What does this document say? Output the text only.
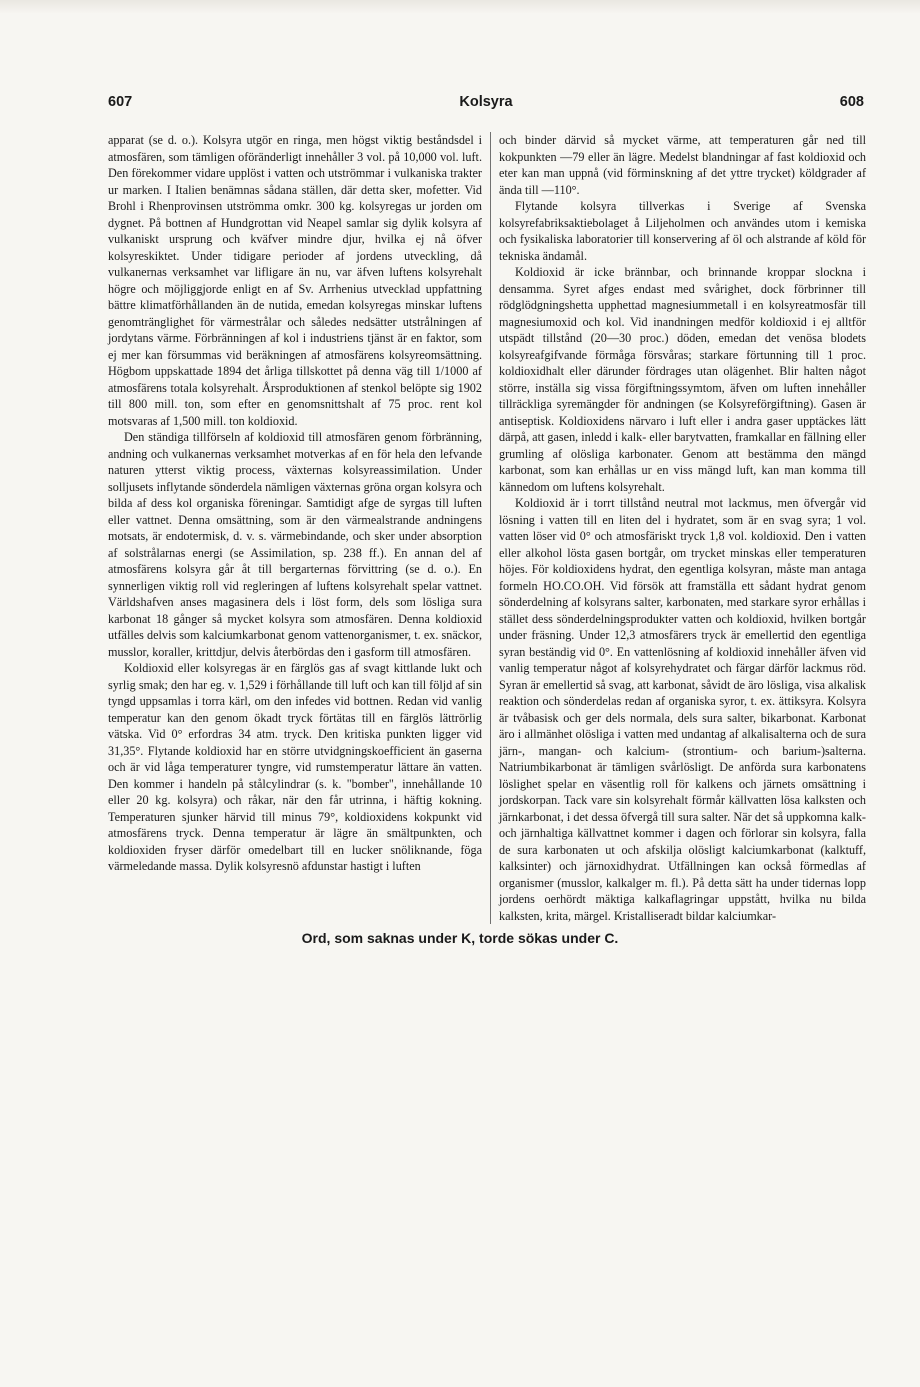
607	Kolsyra	608

apparat (se d. o.). Kolsyra utgör en ringa, men högst viktig beståndsdel i atmosfären, som tämligen oföränderligt innehåller 3 vol. på 10,000 vol. luft. Den förekommer vidare upplöst i vatten och utströmmar i vulkaniska trakter ur marken. I Italien benämnas sådana ställen, där detta sker, mofetter. Vid Brohl i Rhenprovinsen utströmma omkr. 300 kg. kolsyregas ur jorden om dygnet. På bottnen af Hundgrottan vid Neapel samlar sig dylik kolsyra af vulkaniskt ursprung och kväfver mindre djur, hvilka ej nå öfver kolsyreskiktet. Under tidigare perioder af jordens utveckling, då vulkanernas verksamhet var lifligare än nu, var äfven luftens kolsyrehalt högre och möjliggjorde enligt en af Sv. Arrhenius utvecklad uppfattning bättre klimatförhållanden än de nutida, emedan kolsyregas minskar luftens genomtränglighet för värmestrålar och således nedsätter utstrålningen af jordytans värme. Förbränningen af kol i industriens tjänst är en faktor, som ej mer kan försummas vid beräkningen af atmosfärens kolsyreomsättning. Högbom uppskattade 1894 det årliga tillskottet på denna väg till 1/1000 af atmosfärens totala kolsyrehalt. Årsproduktionen af stenkol belöpte sig 1902 till 800 mill. ton, som efter en genomsnittshalt af 75 proc. rent kol motsvaras af 1,500 mill. ton koldioxid.

Den ständiga tillförseln af koldioxid till atmosfären genom förbränning, andning och vulkanernas verksamhet motverkas af en för hela den lefvande naturen ytterst viktig process, växternas kolsyreassimilation. Under solljusets inflytande sönderdela nämligen växternas gröna organ kolsyra och bilda af dess kol organiska föreningar. Samtidigt afge de syrgas till luften eller vattnet. Denna omsättning, som är den värmealstrande andningens motsats, är endotermisk, d. v. s. värmebindande, och sker under absorption af solstrålarnas energi (se Assimilation, sp. 238 ff.). En annan del af atmosfärens kolsyra går åt till bergarternas förvittring (se d. o.). En synnerligen viktig roll vid regleringen af luftens kolsyrehalt spelar vattnet. Världshafven anses magasinera dels i löst form, dels som lösliga sura karbonat 18 gånger så mycket kolsyra som atmosfären. Denna koldioxid utfälles delvis som kalciumkarbonat genom vattenorganismer, t. ex. snäckor, musslor, koraller, krittdjur, delvis återbördas den i gasform till atmosfären.

Koldioxid eller kolsyregas är en färglös gas af svagt kittlande lukt och syrlig smak; den har eg. v. 1,529 i förhållande till luft och kan till följd af sin tyngd uppsamlas i torra kärl, om den infedes vid bottnen. Redan vid vanlig temperatur kan den genom ökadt tryck förtätas till en färglös lättrörlig vätska. Vid 0° erfordras 34 atm. tryck. Den kritiska punkten ligger vid 31,35°. Flytande koldioxid har en större utvidgningskoefficient än gaserna och är vid låga temperaturer tyngre, vid rumstemperatur lättare än vatten. Den kommer i handeln på stålcylindrar (s. k. "bomber", innehållande 10 eller 20 kg. kolsyra) och råkar, när den får utrinna, i häftig kokning. Temperaturen sjunker härvid till minus 79°, koldioxidens kokpunkt vid atmosfärens tryck. Denna temperatur är lägre än smältpunkten, och koldioxiden fryser därför omedelbart till en lucker snöliknande, föga värmeledande massa. Dylik kolsyresnö afdunstar hastigt i luften

och binder därvid så mycket värme, att temperaturen går ned till kokpunkten —79 eller än lägre. Medelst blandningar af fast koldioxid och eter kan man uppnå (vid förminskning af det yttre trycket) köldgrader af ända till —110°.

Flytande kolsyra tillverkas i Sverige af Svenska kolsyrefabriksaktiebolaget å Liljeholmen och användes utom i kemiska och fysikaliska laboratorier till konservering af öl och alstrande af köld för tekniska ändamål.

Koldioxid är icke brännbar, och brinnande kroppar slockna i densamma. Syret afges endast med svårighet, dock förbrinner till rödglödgningshetta upphettad magnesiummetall i en kolsyreatmosfär till magnesiumoxid och kol. Vid inandningen medför koldioxid i ej alltför utspädt tillstånd (20—30 proc.) döden, emedan det venösa blodets kolsyreafgifvande förmåga försvåras; starkare förtunning till 1 proc. koldioxidhalt eller därunder fördrages utan olägenhet. Blir halten något större, inställa sig vissa förgiftningssymtom, äfven om luften innehåller tillräckliga syremängder för andningen (se Kolsyreförgiftning). Gasen är antiseptisk. Koldioxidens närvaro i luft eller i andra gaser upptäckes lätt därpå, att gasen, inledd i kalk- eller barytvatten, framkallar en fällning eller grumling af olösliga karbonater. Genom att bestämma den mängd karbonat, som kan erhållas ur en viss mängd luft, kan man komma till kännedom om luftens kolsyrehalt.

Koldioxid är i torrt tillstånd neutral mot lackmus, men öfvergår vid lösning i vatten till en liten del i hydratet, som är en svag syra; 1 vol. vatten löser vid 0° och atmosfäriskt tryck 1,8 vol. koldioxid. Den i vatten eller alkohol lösta gasen bortgår, om trycket minskas eller temperaturen höjes. För koldioxidens hydrat, den egentliga kolsyran, måste man antaga formeln HO.CO.OH. Vid försök att framställa ett sådant hydrat genom sönderdelning af kolsyrans salter, karbonaten, med starkare syror erhållas i stället dess sönderdelningsprodukter vatten och koldioxid, hvilken bortgår under fräsning. Under 12,3 atmosfärers tryck är emellertid den egentliga syran beständig vid 0°. En vattenlösning af koldioxid innehåller äfven vid vanlig temperatur något af kolsyrehydratet och färgar därför lackmus röd. Syran är emellertid så svag, att karbonat, såvidt de äro lösliga, visa alkalisk reaktion och sönderdelas redan af organiska syror, t. ex. ättiksyra. Kolsyra är tvåbasisk och ger dels normala, dels sura salter, bikarbonat. Karbonat äro i allmänhet olösliga i vatten med undantag af alkalisalterna och de sura järn-, mangan- och kalcium- (strontium- och barium-)salterna. Natriumbikarbonat är tämligen svårlösligt. De anförda sura karbonatens löslighet spelar en väsentlig roll för kalkens och järnets omsättning i jordskorpan. Tack vare sin kolsyrehalt förmår källvatten lösa kalksten och järnkarbonat, i det dessa öfvergå till sura salter. När det så uppkomna kalk- och järnhaltiga källvattnet kommer i dagen och förlorar sin kolsyra, falla de sura karbonaten ut och afskilja olösligt kalciumkarbonat (kalktuff, kalksinter) och järnoxidhydrat. Utfällningen kan också förmedlas af organismer (musslor, kalkalger m. fl.). På detta sätt ha under tidernas lopp jordens oerhördt mäktiga kalkaflagringar uppstått, hvilka nu bilda kalksten, krita, märgel. Kristalliseradt bildar kalciumkar-

Ord, som saknas under K, torde sökas under C.
